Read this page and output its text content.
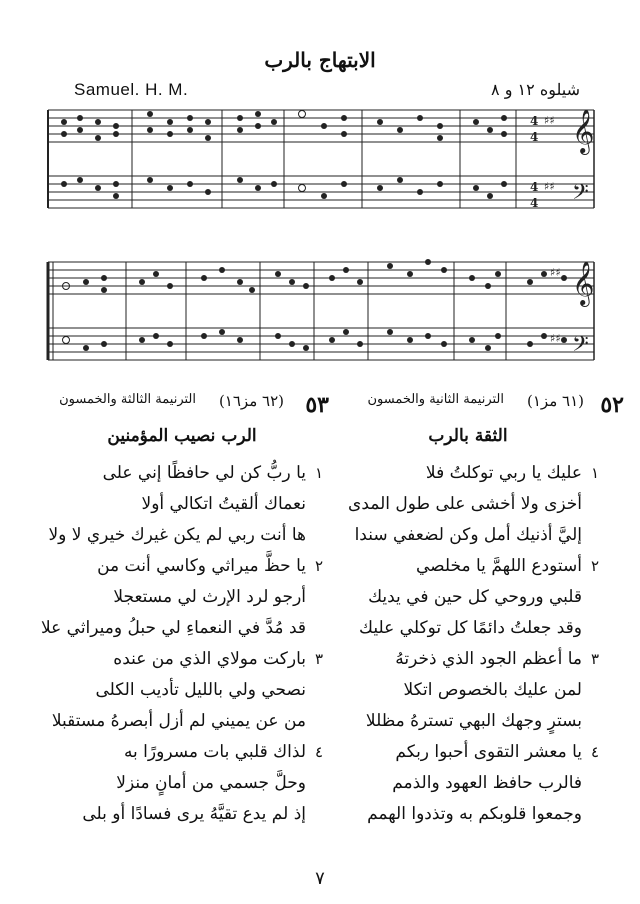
الابتهاج بالرب
Samuel. H. M.	شيلوه ١٢ و ٨
𝄞
𝄢
♯♯
♯♯
4
4
4
4
𝄞
𝄢
♯♯
♯♯
٥٢
(٦١ مز١)
الترنيمة الثانية والخمسون
٥٣
(٦٢ مز١٦)
الترنيمة الثالثة والخمسون
الثقة بالرب
١
عليك يا ربي توكلتُ فلا
أخزى ولا أخشى على طول المدى
إليَّ أذنيك أمل وكن لضعفي سندا
٢
أستودع اللهمَّ يا مخلصي
قلبي وروحي كل حين في يديك
وقد جعلتُ دائمًا كل توكلي عليك
٣
ما أعظم الجود الذي ذخرتهُ
لمن عليك بالخصوص اتكلا
بسترٍ وجهك البهي تسترهُ مظللا
٤
يا معشر التقوى أحبوا ربكم
فالرب حافظ العهود والذمم
وجمعوا قلوبكم به وتذدوا الهمم
الرب نصيب المؤمنين
١
يا ربُّ كن لي حافظًا إني على
نعماك ألقيتُ اتكالي أولا
ها أنت ربي لم يكن غيرك خيري لا ولا
٢
يا حظَّ ميراثي وكاسي أنت من
أرجو لرد الإرث لي مستعجلا
قد مُدَّ في النعماءِ لي حبلُ وميراثي علا
٣
باركت مولاي الذي من عنده
نصحي ولي بالليل تأديب الكلى
من عن يميني لم أزل أبصرهُ مستقبلا
٤
لذاك قلبي بات مسرورًا به
وحلَّ جسمي من أمانٍ منزلا
إذ لم يدع تقيَّهُ يرى فسادًا أو بلى
٧
